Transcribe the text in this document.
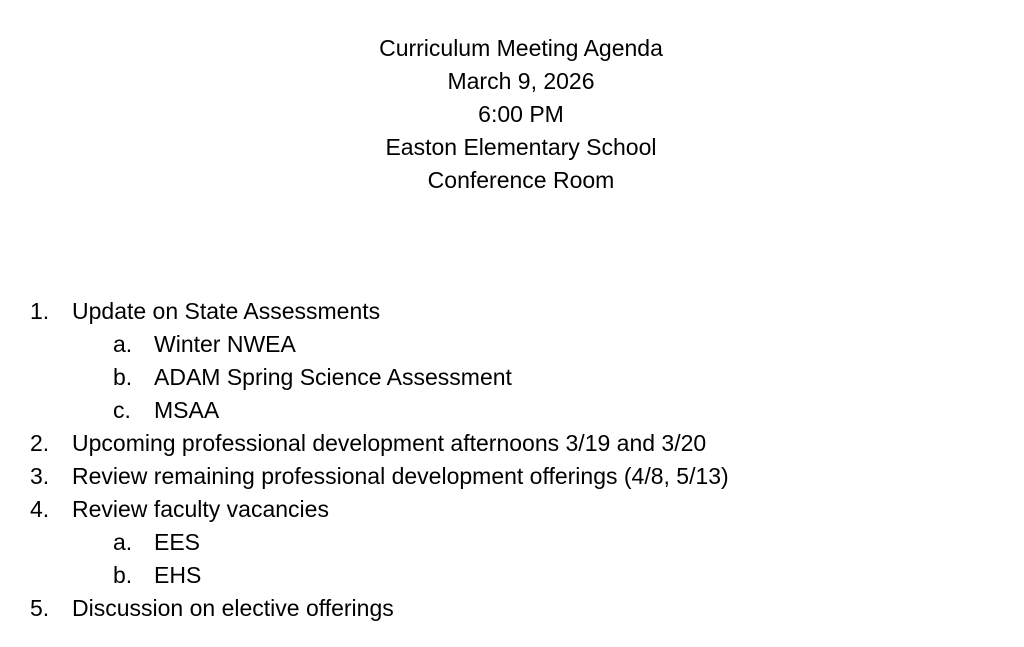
Curriculum Meeting Agenda
March 9, 2026
6:00 PM
Easton Elementary School
Conference Room
1. Update on State Assessments
a. Winter NWEA
b. ADAM Spring Science Assessment
c. MSAA
2. Upcoming professional development afternoons 3/19 and 3/20
3. Review remaining professional development offerings (4/8, 5/13)
4. Review faculty vacancies
a. EES
b. EHS
5. Discussion on elective offerings
